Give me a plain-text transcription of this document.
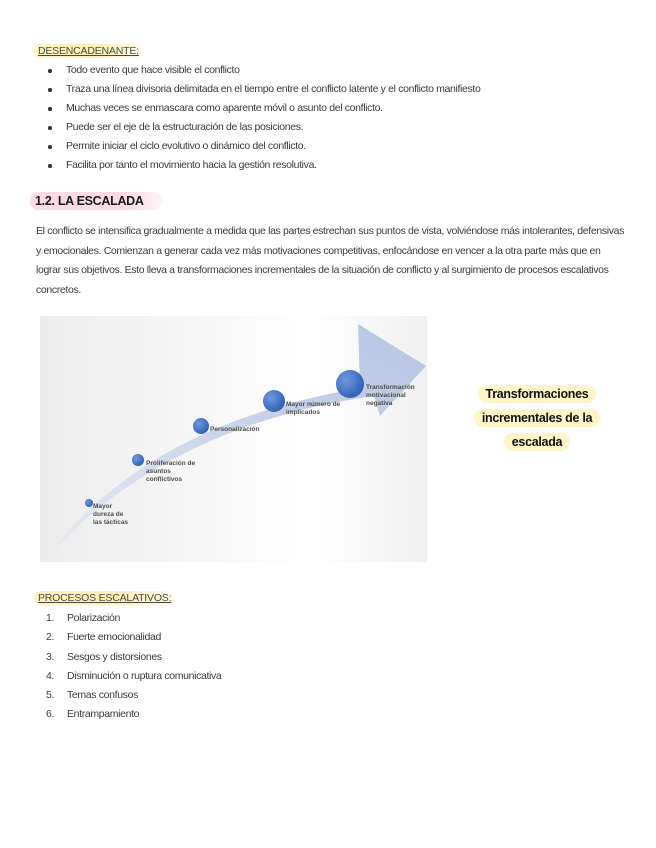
DESENCADENANTE:
Todo evento que hace visible el conflicto
Traza una línea divisoria delimitada en el tiempo entre el conflicto latente y el conflicto manifiesto
Muchas veces se enmascara como aparente móvil o asunto del conflicto.
Puede ser el eje de la estructuración de las posiciones.
Permite iniciar el ciclo evolutivo o dinámico del conflicto.
Facilita por tanto el movimiento hacia la gestión resolutiva.
1.2. LA ESCALADA

El conflicto se intensifica gradualmente a medida que las partes estrechan sus puntos de vista, volviéndose más intolerantes, defensivas y emocionales. Comienzan a generar cada vez más motivaciones competitivas, enfocándose en vencer a la otra parte más que en lograr sus objetivos. Esto lleva a transformaciones incrementales de la situación de conflicto y al surgimiento de procesos escalativos concretos.

Mayor
dureza de
las tácticas
Proliferación de
asuntos
conflictivos
Personalización
Mayor número de
implicados
Transformación
motivacional
negativa
Transformaciones
incrementales de la
escalada
PROCESOS ESCALATIVOS:
1.	Polarización
2.	Fuerte emocionalidad
3.	Sesgos y distorsiones
4.	Disminución o ruptura comunicativa
5.	Temas confusos
6.	Entrampamiento
